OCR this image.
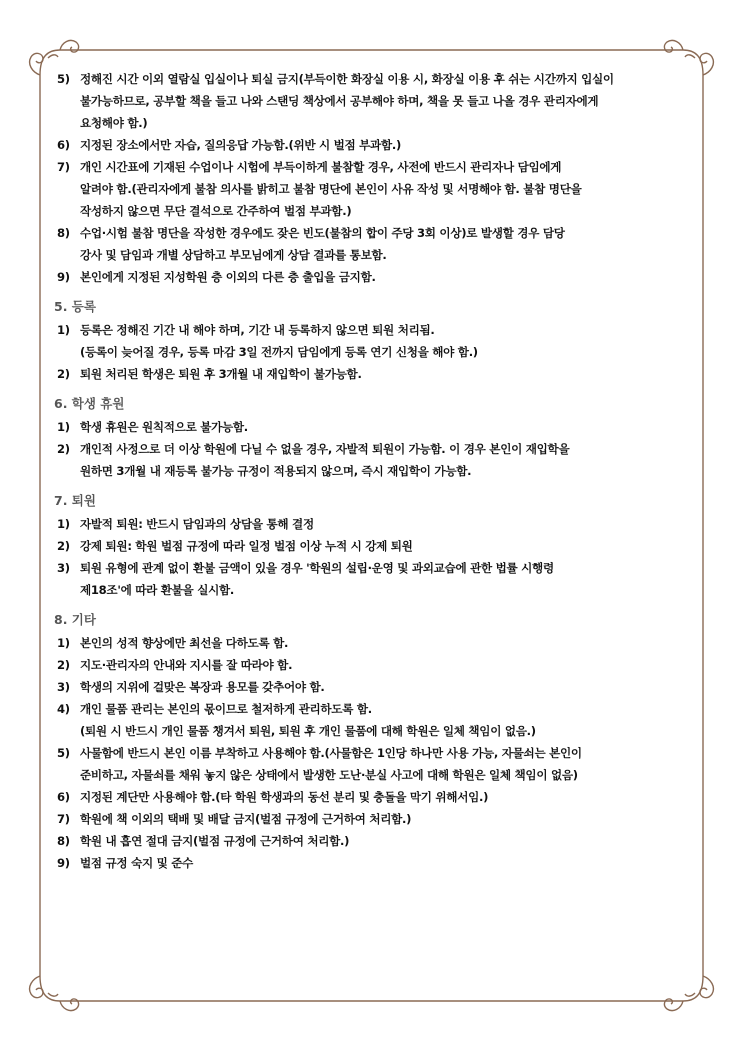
5) 정해진 시간 이외 열람실 입실이나 퇴실 금지(부득이한 화장실 이용 시, 화장실 이용 후 쉬는 시간까지 입실이
불가능하므로, 공부할 책을 들고 나와 스탠딩 책상에서 공부해야 하며, 책을 못 들고 나올 경우 관리자에게
요청해야 함.)
6) 지정된 장소에서만 자습, 질의응답 가능함.(위반 시 벌점 부과함.)
7) 개인 시간표에 기재된 수업이나 시험에 부득이하게 불참할 경우, 사전에 반드시 관리자나 담임에게
알려야 함.(관리자에게 불참 의사를 밝히고 불참 명단에 본인이 사유 작성 및 서명해야 함. 불참 명단을
작성하지 않으면 무단 결석으로 간주하여 벌점 부과함.)
8) 수업·시험 불참 명단을 작성한 경우에도 잦은 빈도(불참의 합이 주당 3회 이상)로 발생할 경우 담당
강사 및 담임과 개별 상담하고 부모님에게 상담 결과를 통보함.
9) 본인에게 지정된 지성학원 층 이외의 다른 층 출입을 금지함.
5. 등록
1) 등록은 정해진 기간 내 해야 하며, 기간 내 등록하지 않으면 퇴원 처리됨.
(등록이 늦어질 경우, 등록 마감 3일 전까지 담임에게 등록 연기 신청을 해야 함.)
2) 퇴원 처리된 학생은 퇴원 후 3개월 내 재입학이 불가능함.
6. 학생 휴원
1) 학생 휴원은 원칙적으로 불가능함.
2) 개인적 사정으로 더 이상 학원에 다닐 수 없을 경우, 자발적 퇴원이 가능함. 이 경우 본인이 재입학을
원하면 3개월 내 재등록 불가능 규정이 적용되지 않으며, 즉시 재입학이 가능함.
7. 퇴원
1) 자발적 퇴원: 반드시 담임과의 상담을 통해 결정
2) 강제 퇴원: 학원 벌점 규정에 따라 일정 벌점 이상 누적 시 강제 퇴원
3) 퇴원 유형에 관계 없이 환불 금액이 있을 경우 '학원의 설립·운영 및 과외교습에 관한 법률 시행령
제18조'에 따라 환불을 실시함.
8. 기타
1) 본인의 성적 향상에만 최선을 다하도록 함.
2) 지도·관리자의 안내와 지시를 잘 따라야 함.
3) 학생의 지위에 걸맞은 복장과 용모를 갖추어야 함.
4) 개인 물품 관리는 본인의 몫이므로 철저하게 관리하도록 함.
(퇴원 시 반드시 개인 물품 챙겨서 퇴원, 퇴원 후 개인 물품에 대해 학원은 일체 책임이 없음.)
5) 사물함에 반드시 본인 이름 부착하고 사용해야 함.(사물함은 1인당 하나만 사용 가능, 자물쇠는 본인이
준비하고, 자물쇠를 채워 놓지 않은 상태에서 발생한 도난·분실 사고에 대해 학원은 일체 책임이 없음)
6) 지정된 계단만 사용해야 함.(타 학원 학생과의 동선 분리 및 충돌을 막기 위해서임.)
7) 학원에 책 이외의 택배 및 배달 금지(벌점 규정에 근거하여 처리함.)
8) 학원 내 흡연 절대 금지(벌점 규정에 근거하여 처리함.)
9) 벌점 규정 숙지 및 준수
